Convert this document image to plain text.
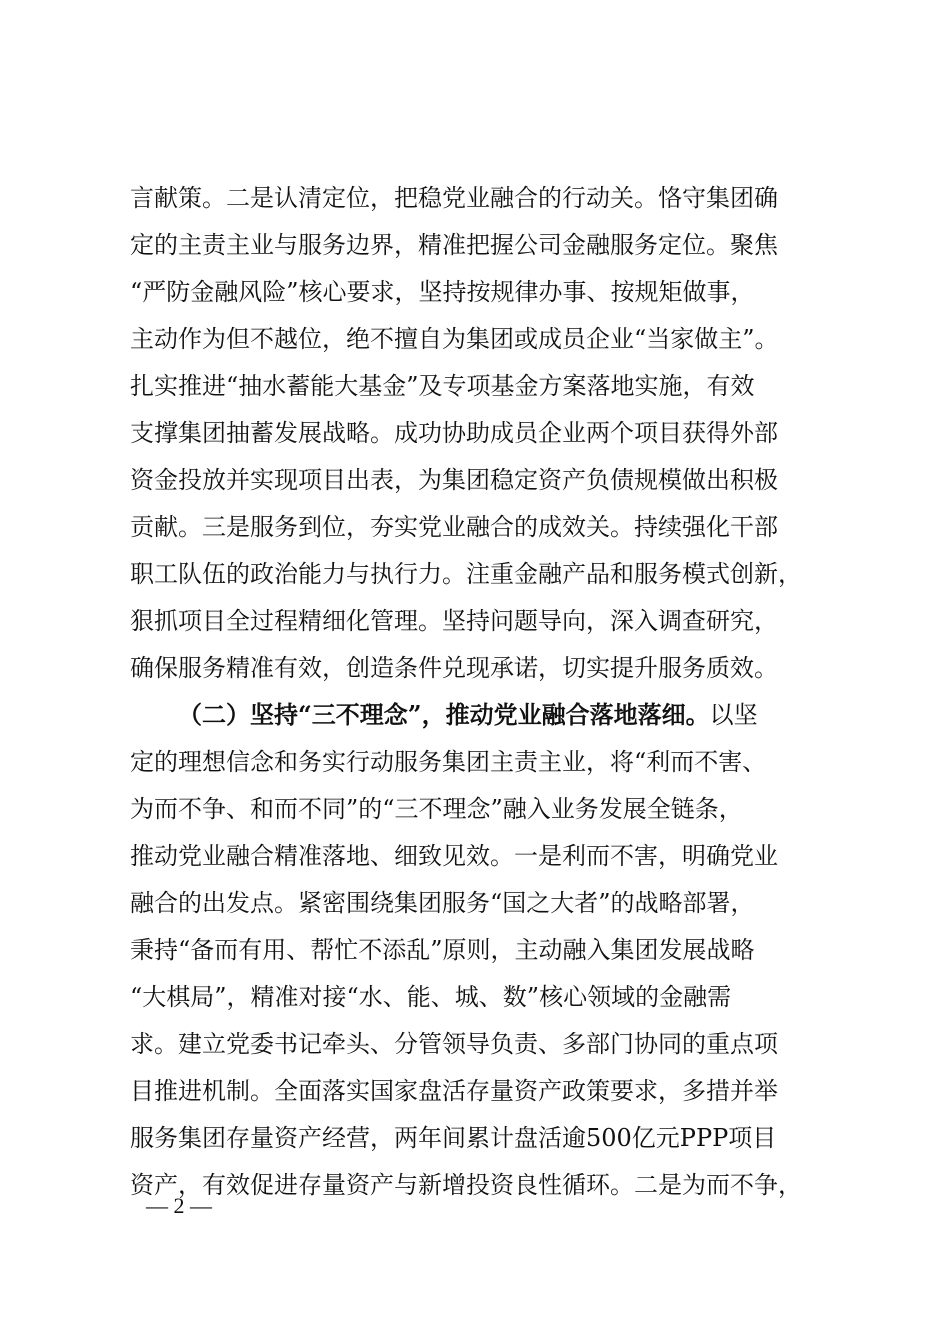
言献策。二是认清定位，把稳党业融合的行动关。恪守集团确
定的主责主业与服务边界，精准把握公司金融服务定位。聚焦
“严防金融风险”核心要求，坚持按规律办事、按规矩做事，
主动作为但不越位，绝不擅自为集团或成员企业“当家做主”。
扎实推进“抽水蓄能大基金”及专项基金方案落地实施，有效
支撑集团抽蓄发展战略。成功协助成员企业两个项目获得外部
资金投放并实现项目出表，为集团稳定资产负债规模做出积极
贡献。三是服务到位，夯实党业融合的成效关。持续强化干部
职工队伍的政治能力与执行力。注重金融产品和服务模式创新，
狠抓项目全过程精细化管理。坚持问题导向，深入调查研究，
确保服务精准有效，创造条件兑现承诺，切实提升服务质效。
（二）坚持“三不理念”，推动党业融合落地落细。以坚
定的理想信念和务实行动服务集团主责主业，将“利而不害、
为而不争、和而不同”的“三不理念”融入业务发展全链条，
推动党业融合精准落地、细致见效。一是利而不害，明确党业
融合的出发点。紧密围绕集团服务“国之大者”的战略部署，
秉持“备而有用、帮忙不添乱”原则，主动融入集团发展战略
“大棋局”，精准对接“水、能、城、数”核心领域的金融需
求。建立党委书记牵头、分管领导负责、多部门协同的重点项
目推进机制。全面落实国家盘活存量资产政策要求，多措并举
服务集团存量资产经营，两年间累计盘活逾500亿元PPP项目
资产，有效促进存量资产与新增投资良性循环。二是为而不争，
— 2 —
